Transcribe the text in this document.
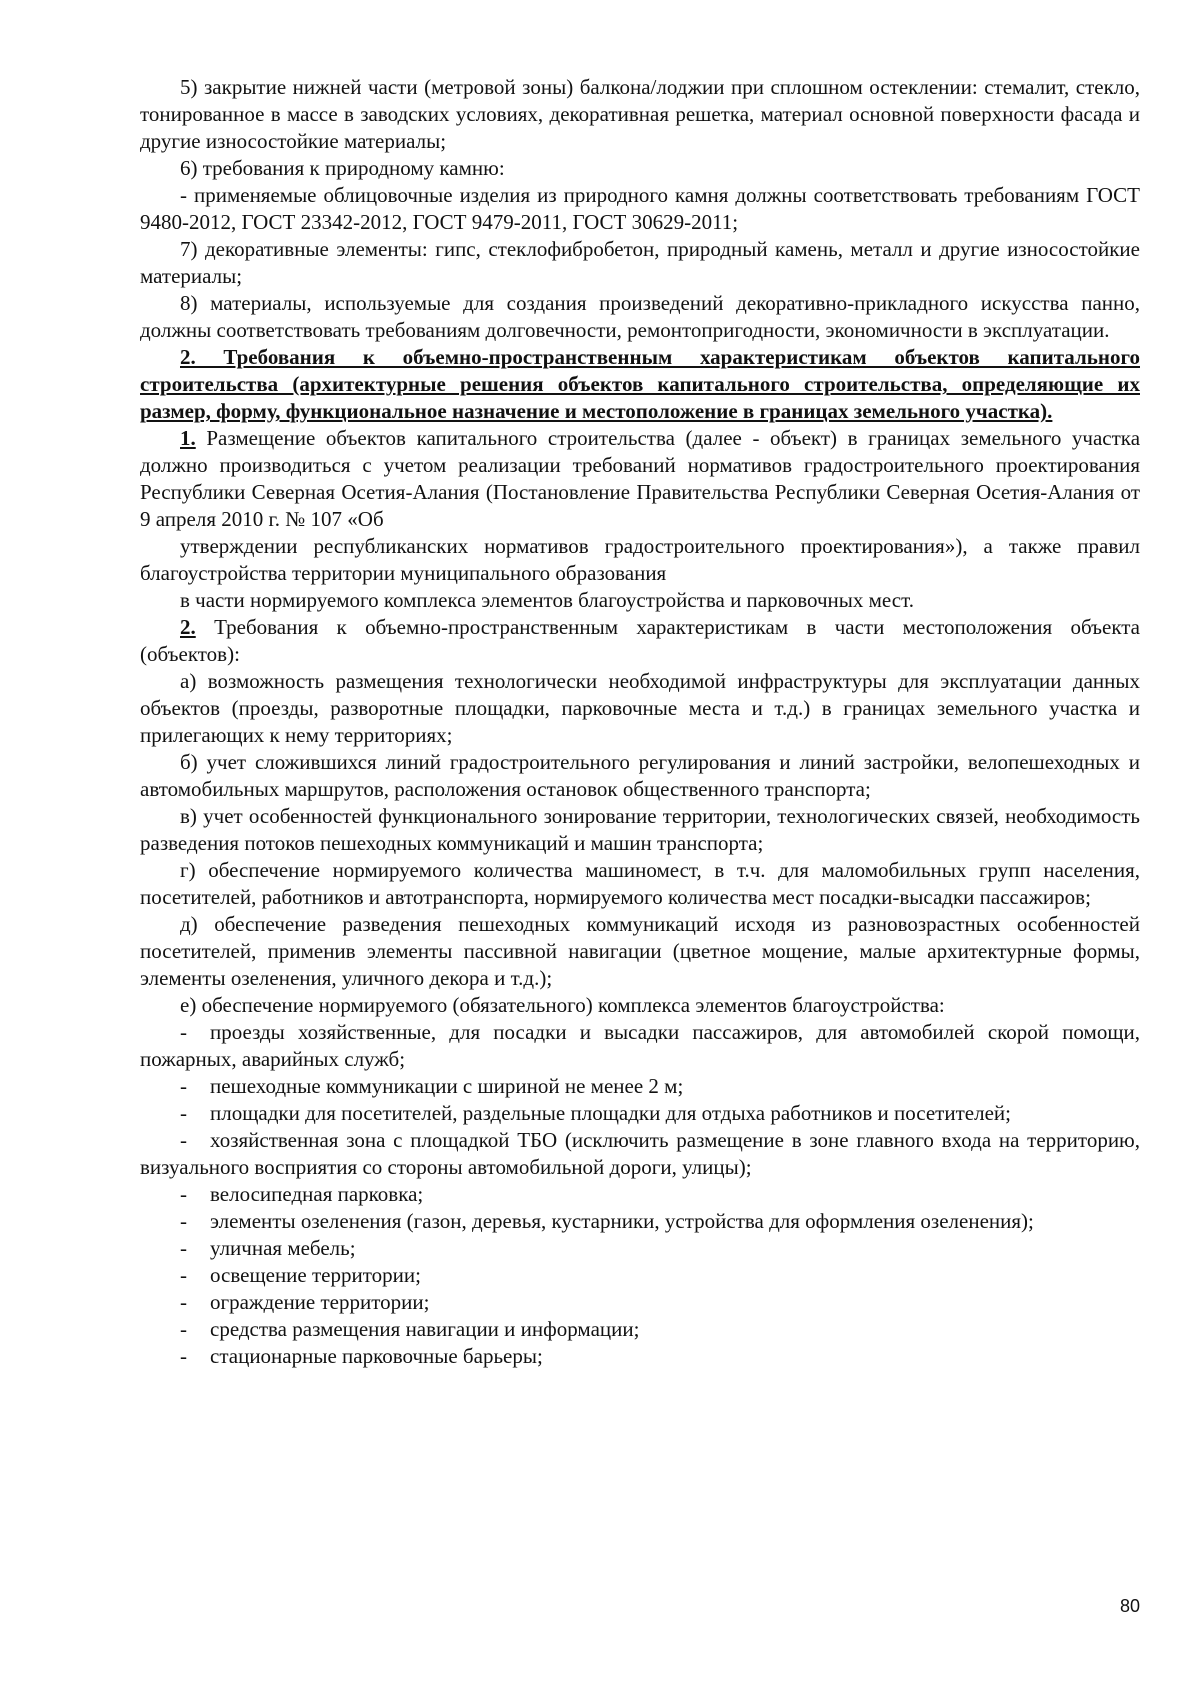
5) закрытие нижней части (метровой зоны) балкона/лоджии при сплошном остеклении: стемалит, стекло, тонированное в массе в заводских условиях, декоративная решетка, материал основной поверхности фасада и другие износостойкие материалы;

6) требования к природному камню:

- применяемые облицовочные изделия из природного камня должны соответствовать требованиям ГОСТ 9480-2012, ГОСТ 23342-2012, ГОСТ 9479-2011, ГОСТ 30629-2011;

7) декоративные элементы: гипс, стеклофибробетон, природный камень, металл и другие износостойкие материалы;

8) материалы, используемые для создания произведений декоративно-прикладного искусства панно, должны соответствовать требованиям долговечности, ремонтопригодности, экономичности в эксплуатации.

2. Требования к объемно-пространственным характеристикам объектов капитального строительства (архитектурные решения объектов капитального строительства, определяющие их размер, форму, функциональное назначение и местоположение в границах земельного участка).

1. Размещение объектов капитального строительства (далее - объект) в границах земельного участка должно производиться с учетом реализации требований нормативов градостроительного проектирования Республики Северная Осетия-Алания (Постановление Правительства Республики Северная Осетия-Алания от 9 апреля 2010 г. № 107 «Об

утверждении республиканских нормативов градостроительного проектирования»), а также правил благоустройства территории муниципального образования

в части нормируемого комплекса элементов благоустройства и парковочных мест.

2. Требования к объемно-пространственным характеристикам в части местоположения объекта (объектов):

а) возможность размещения технологически необходимой инфраструктуры для эксплуатации данных объектов (проезды, разворотные площадки, парковочные места и т.д.) в границах земельного участка и прилегающих к нему территориях;

б) учет сложившихся линий градостроительного регулирования и линий застройки, велопешеходных и автомобильных маршрутов, расположения остановок общественного транспорта;

в) учет особенностей функционального зонирование территории, технологических связей, необходимость разведения потоков пешеходных коммуникаций и машин транспорта;

г) обеспечение нормируемого количества машиномест, в т.ч. для маломобильных групп населения, посетителей, работников и автотранспорта, нормируемого количества мест посадки-высадки пассажиров;

д) обеспечение разведения пешеходных коммуникаций исходя из разновозрастных особенностей посетителей, применив элементы пассивной навигации (цветное мощение, малые архитектурные формы, элементы озеленения, уличного декора и т.д.);

е) обеспечение нормируемого (обязательного) комплекса элементов благоустройства:

- проезды хозяйственные, для посадки и высадки пассажиров, для автомобилей скорой помощи, пожарных, аварийных служб;

- пешеходные коммуникации с шириной не менее 2 м;

- площадки для посетителей, раздельные площадки для отдыха работников и посетителей;

- хозяйственная зона с площадкой ТБО (исключить размещение в зоне главного входа на территорию, визуального восприятия со стороны автомобильной дороги, улицы);

- велосипедная парковка;

- элементы озеленения (газон, деревья, кустарники, устройства для оформления озеленения);

- уличная мебель;

- освещение территории;

- ограждение территории;

- средства размещения навигации и информации;

- стационарные парковочные барьеры;

80
